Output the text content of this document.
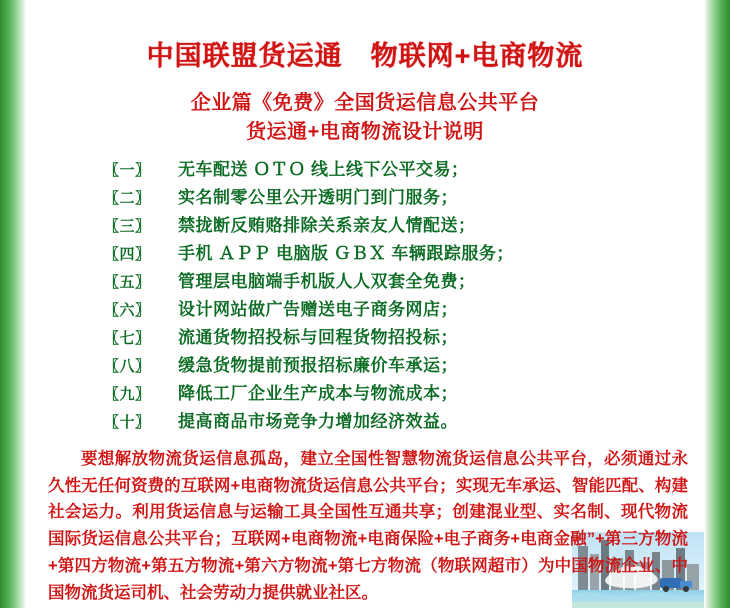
中国联盟货运通　物联网+电商物流
企业篇《免费》全国货运信息公共平台
货运通+电商物流设计说明
〖一〗	无车配送 ＯＴＯ 线上线下公平交易；
〖二〗	实名制零公里公开透明门到门服务；
〖三〗	禁拢断反贿赂排除关系亲友人情配送；
〖四〗	手机 ＡＰＰ 电脑版 ＧＢＸ 车辆跟踪服务；
〖五〗	管理层电脑端手机版人人双套全免费；
〖六〗	设计网站做广告赠送电子商务网店；
〖七〗	流通货物招投标与回程货物招投标；
〖八〗	缓急货物提前预报招标廉价车承运；
〖九〗	降低工厂企业生产成本与物流成本；
〖十〗	提高商品市场竞争力增加经济效益。
要想解放物流货运信息孤岛，建立全国性智慧物流货运信息公共平台，必须通过永久性无任何资费的互联网+电商物流货运信息公共平台；实现无车承运、智能匹配、构建社会运力。利用货运信息与运输工具全国性互通共享；创建混业型、实名制、现代物流国际货运信息公共平台；互联网+电商物流+电商保险+电子商务+电商金融”+第三方物流+第四方物流+第五方物流+第六方物流+第七方物流（物联网超市）为中国物流企业、中国物流货运司机、社会劳动力提供就业社区。
